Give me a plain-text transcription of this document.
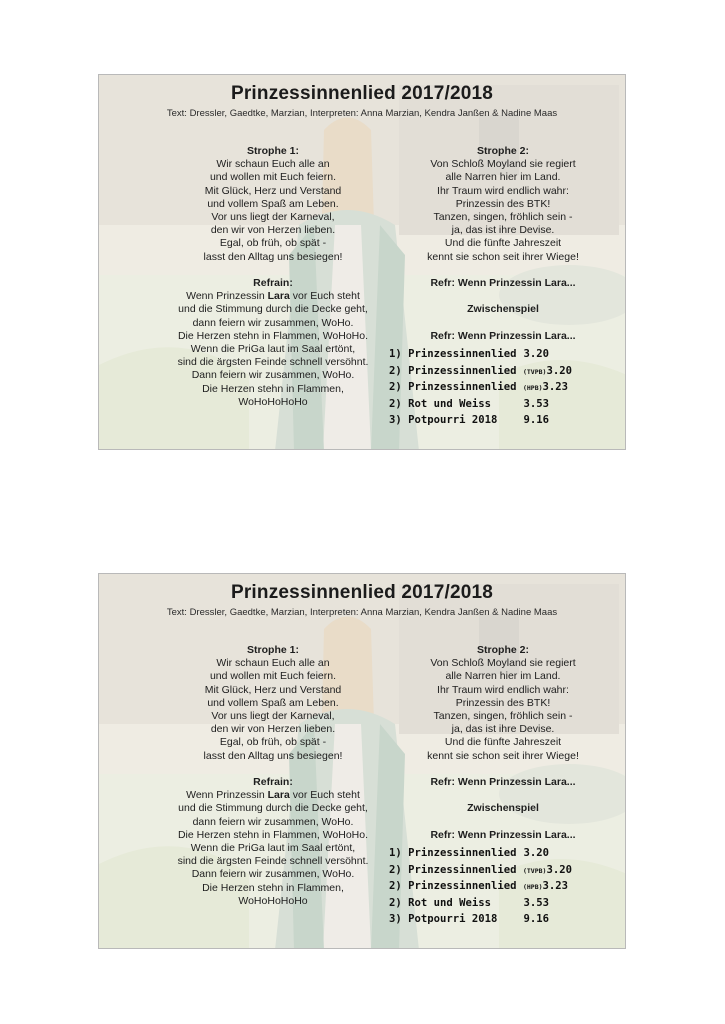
Prinzessinnenlied 2017/2018
Text: Dressler, Gaedtke, Marzian, Interpreten: Anna Marzian, Kendra Janßen & Nadine Maas
Strophe 1:
Wir schaun Euch alle an
und wollen mit Euch feiern.
Mit Glück, Herz und Verstand
und vollem Spaß am Leben.
Vor uns liegt der Karneval,
den wir von Herzen lieben.
Egal, ob früh, ob spät -
lasst den Alltag uns besiegen!
Refrain:
Wenn Prinzessin Lara vor Euch steht
und die Stimmung durch die Decke geht,
dann feiern wir zusammen, WoHo.
Die Herzen stehn in Flammen, WoHoHo.
Wenn die PriGa laut im Saal ertönt,
sind die ärgsten Feinde schnell versöhnt.
Dann feiern wir zusammen, WoHo.
Die Herzen stehn in Flammen,
WoHoHoHoHo
Strophe 2:
Von Schloß Moyland sie regiert
alle Narren hier im Land.
Ihr Traum wird endlich wahr:
Prinzessin des BTK!
Tanzen, singen, fröhlich sein -
ja, das ist ihre Devise.
Und die fünfte Jahreszeit
kennt sie schon seit ihrer Wiege!
Refr: Wenn Prinzessin Lara...
Zwischenspiel
Refr: Wenn Prinzessin Lara...
1) Prinzessinnenlied 3.20
2) Prinzessinnenlied (TVPB) 3.20
2) Prinzessinnenlied (HPB) 3.23
2) Rot und Weiss	3.53
3) Potpourri 2018 9.16
Prinzessinnenlied 2017/2018
Text: Dressler, Gaedtke, Marzian, Interpreten: Anna Marzian, Kendra Janßen & Nadine Maas
Strophe 1:
Wir schaun Euch alle an
und wollen mit Euch feiern.
Mit Glück, Herz und Verstand
und vollem Spaß am Leben.
Vor uns liegt der Karneval,
den wir von Herzen lieben.
Egal, ob früh, ob spät -
lasst den Alltag uns besiegen!
Refrain:
Wenn Prinzessin Lara vor Euch steht
und die Stimmung durch die Decke geht,
dann feiern wir zusammen, WoHo.
Die Herzen stehn in Flammen, WoHoHo.
Wenn die PriGa laut im Saal ertönt,
sind die ärgsten Feinde schnell versöhnt.
Dann feiern wir zusammen, WoHo.
Die Herzen stehn in Flammen,
WoHoHoHoHo
Strophe 2:
Von Schloß Moyland sie regiert
alle Narren hier im Land.
Ihr Traum wird endlich wahr:
Prinzessin des BTK!
Tanzen, singen, fröhlich sein -
ja, das ist ihre Devise.
Und die fünfte Jahreszeit
kennt sie schon seit ihrer Wiege!
Refr: Wenn Prinzessin Lara...
Zwischenspiel
Refr: Wenn Prinzessin Lara...
1) Prinzessinnenlied 3.20
2) Prinzessinnenlied (TVPB) 3.20
2) Prinzessinnenlied (HPB) 3.23
2) Rot und Weiss	3.53
3) Potpourri 2018 9.16
